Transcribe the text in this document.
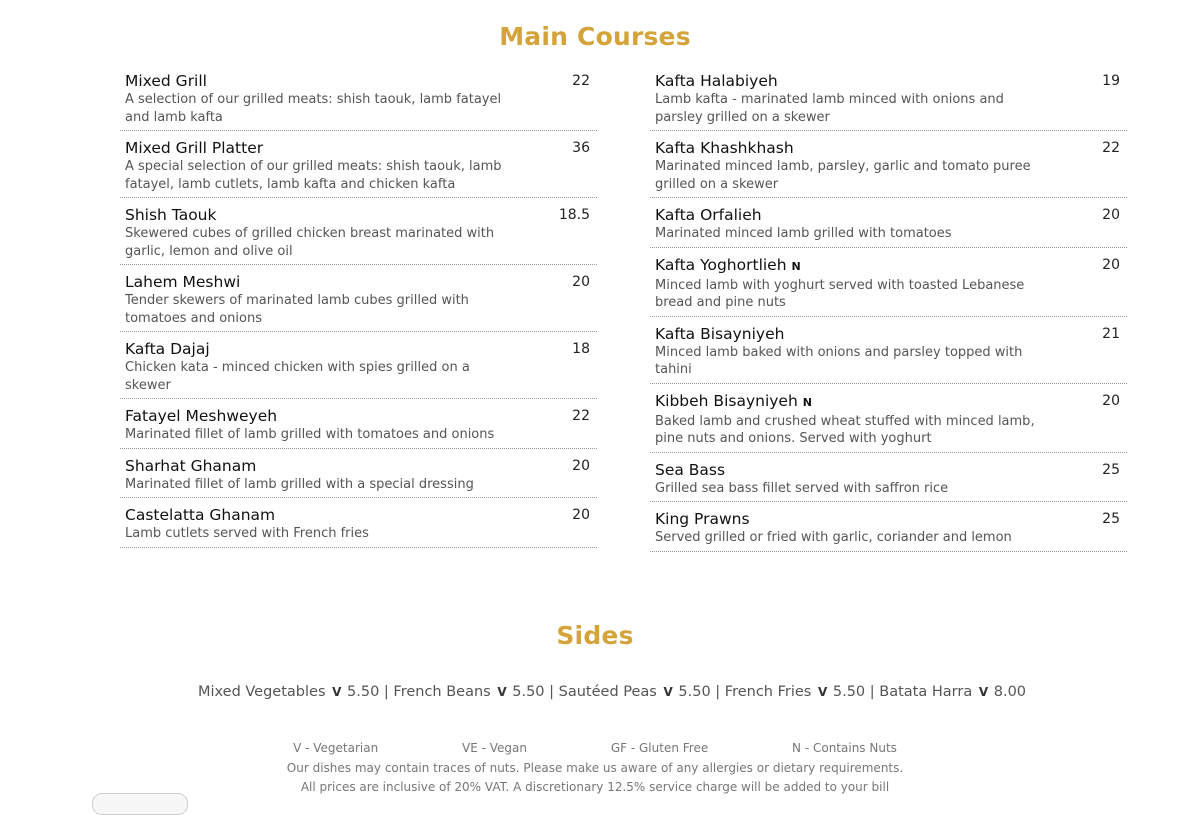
Main Courses
Mixed Grill	22
A selection of our grilled meats: shish taouk, lamb fatayel and lamb kafta
Mixed Grill Platter	36
A special selection of our grilled meats: shish taouk, lamb fatayel, lamb cutlets, lamb kafta and chicken kafta
Shish Taouk	18.5
Skewered cubes of grilled chicken breast marinated with garlic, lemon and olive oil
Lahem Meshwi	20
Tender skewers of marinated lamb cubes grilled with tomatoes and onions
Kafta Dajaj	18
Chicken kata - minced chicken with spies grilled on a skewer
Fatayel Meshweyeh	22
Marinated fillet of lamb grilled with tomatoes and onions
Sharhat Ghanam	20
Marinated fillet of lamb grilled with a special dressing
Castelatta Ghanam	20
Lamb cutlets served with French fries
Kafta Halabiyeh	19
Lamb kafta - marinated lamb minced with onions and parsley grilled on a skewer
Kafta Khashkhash	22
Marinated minced lamb, parsley, garlic and tomato puree grilled on a skewer
Kafta Orfalieh	20
Marinated minced lamb grilled with tomatoes
Kafta Yoghortlieh N	20
Minced lamb with yoghurt served with toasted Lebanese bread and pine nuts
Kafta Bisayniyeh	21
Minced lamb baked with onions and parsley topped with tahini
Kibbeh Bisayniyeh N	20
Baked lamb and crushed wheat stuffed with minced lamb, pine nuts and onions. Served with yoghurt
Sea Bass	25
Grilled sea bass fillet served with saffron rice
King Prawns	25
Served grilled or fried with garlic, coriander and lemon
Sides
Mixed Vegetables V 5.50 | French Beans V 5.50 | Sautéed Peas V 5.50 | French Fries V 5.50 | Batata Harra V 8.00
V - Vegetarian	VE - Vegan	GF - Gluten Free	N - Contains Nuts
Our dishes may contain traces of nuts. Please make us aware of any allergies or dietary requirements.
All prices are inclusive of 20% VAT. A discretionary 12.5% service charge will be added to your bill
